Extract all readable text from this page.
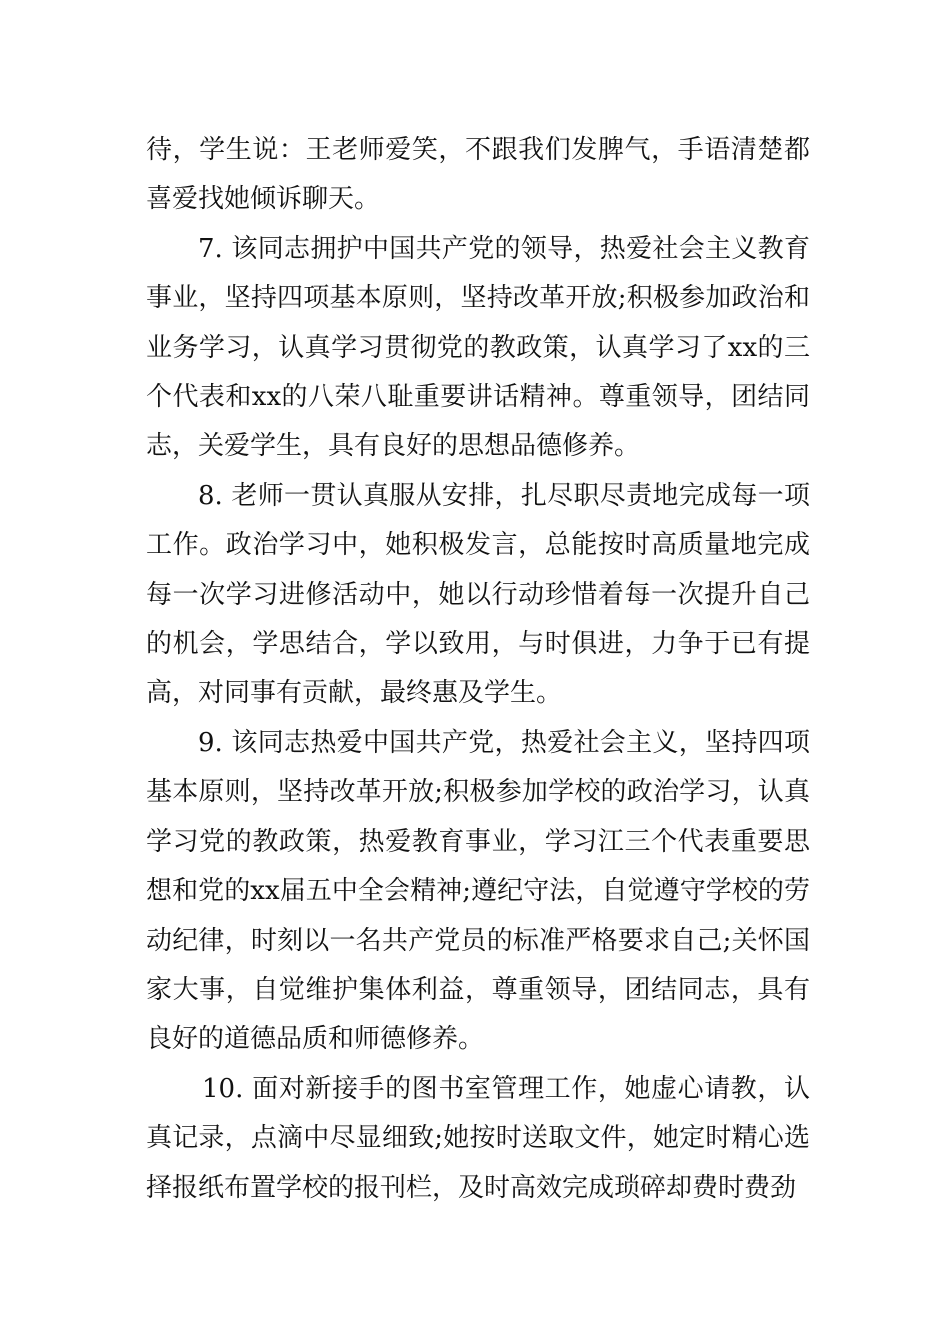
待，学生说：王老师爱笑，不跟我们发脾气，手语清楚都喜爱找她倾诉聊天。

7. 该同志拥护中国共产党的领导，热爱社会主义教育事业，坚持四项基本原则，坚持改革开放;积极参加政治和业务学习，认真学习贯彻党的教政策，认真学习了xx的三个代表和xx的八荣八耻重要讲话精神。尊重领导，团结同志，关爱学生，具有良好的思想品德修养。

8. 老师一贯认真服从安排，扎尽职尽责地完成每一项工作。政治学习中，她积极发言，总能按时高质量地完成每一次学习进修活动中，她以行动珍惜着每一次提升自己的机会，学思结合，学以致用，与时俱进，力争于已有提高，对同事有贡献，最终惠及学生。

9. 该同志热爱中国共产党，热爱社会主义，坚持四项基本原则，坚持改革开放;积极参加学校的政治学习，认真学习党的教政策，热爱教育事业，学习江三个代表重要思想和党的xx届五中全会精神;遵纪守法，自觉遵守学校的劳动纪律，时刻以一名共产党员的标准严格要求自己;关怀国家大事，自觉维护集体利益，尊重领导，团结同志，具有良好的道德品质和师德修养。

10. 面对新接手的图书室管理工作，她虚心请教，认真记录，点滴中尽显细致;她按时送取文件，她定时精心选择报纸布置学校的报刊栏，及时高效完成琐碎却费时费劲
